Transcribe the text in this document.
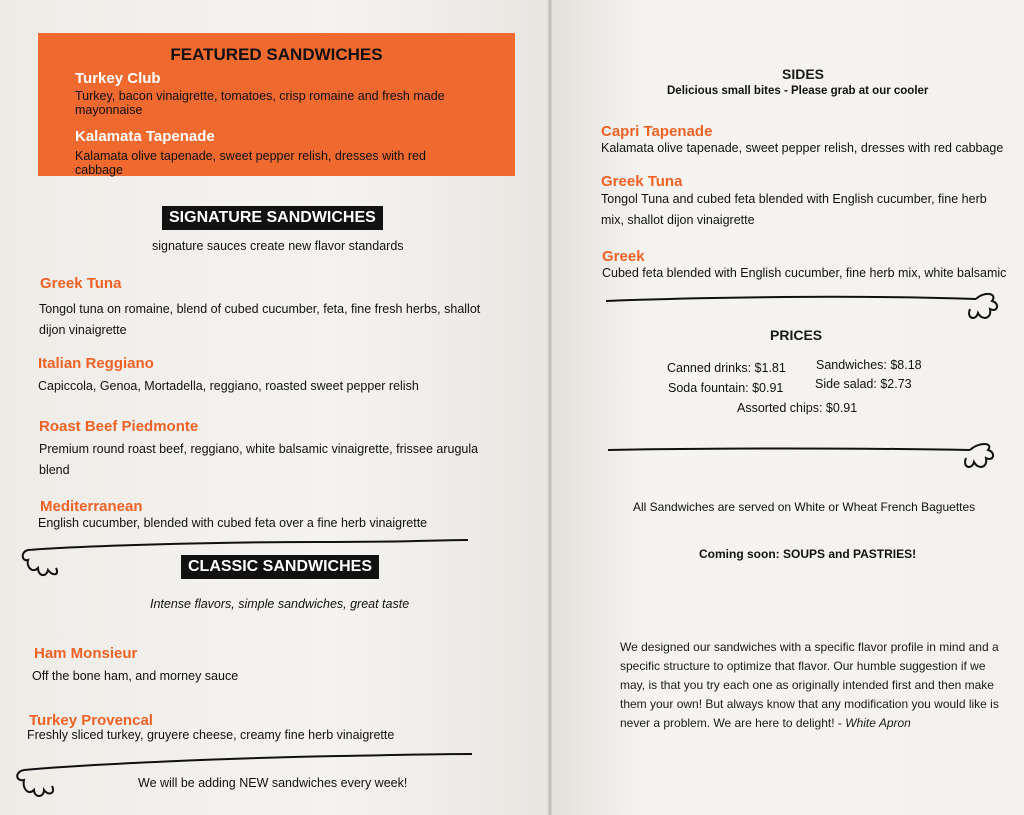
FEATURED SANDWICHES
Turkey Club
Turkey, bacon vinaigrette, tomatoes, crisp romaine and fresh made mayonnaise
Kalamata Tapenade
Kalamata olive tapenade, sweet pepper relish, dresses with red cabbage
SIGNATURE SANDWICHES
signature sauces create new flavor standards
Greek Tuna
Tongol tuna on romaine, blend of cubed cucumber, feta, fine fresh herbs, shallot dijon vinaigrette
Italian Reggiano
Capiccola, Genoa, Mortadella, reggiano, roasted sweet pepper relish
Roast Beef Piedmonte
Premium round roast beef, reggiano, white balsamic vinaigrette, frissee arugula blend
Mediterranean
English cucumber, blended with cubed feta over a fine herb vinaigrette
CLASSIC SANDWICHES
Intense flavors, simple sandwiches, great taste
Ham Monsieur
Off the bone ham, and morney sauce
Turkey Provencal
Freshly sliced turkey, gruyere cheese, creamy fine herb vinaigrette
We will be adding NEW sandwiches every week!
SIDES
Delicious small bites - Please grab at our cooler
Capri Tapenade
Kalamata olive tapenade, sweet pepper relish, dresses with red cabbage
Greek Tuna
Tongol Tuna and cubed feta blended with English cucumber, fine herb mix, shallot dijon vinaigrette
Greek
Cubed feta blended with English cucumber, fine herb mix, white balsamic
PRICES
Canned drinks: $1.81 Sandwiches: $8.18
Soda fountain: $0.91	Side salad: $2.73
Assorted chips: $0.91
All Sandwiches are served on White or Wheat French Baguettes
Coming soon: SOUPS and PASTRIES!
We designed our sandwiches with a specific flavor profile in mind and a specific structure to optimize that flavor. Our humble suggestion if we may, is that you try each one as originally intended first and then make them your own! But always know that any modification you would like is never a problem. We are here to delight! - White Apron
